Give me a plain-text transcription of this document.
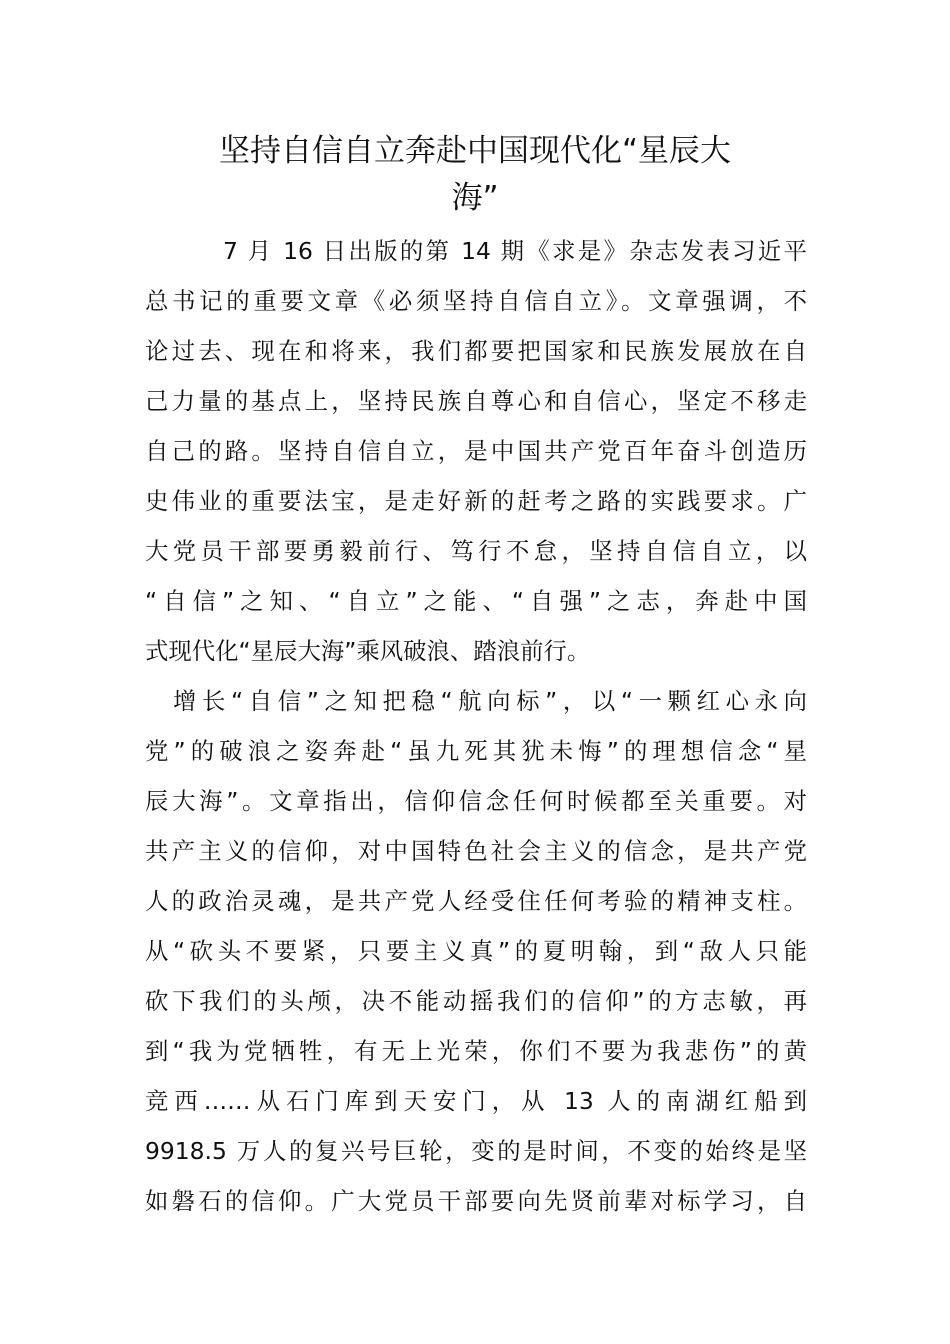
坚持自信自立奔赴中国现代化“星辰大
海”
7 月 16 日出版的第 14 期《求是》杂志发表习近平
总书记的重要文章《必须坚持自信自立》。文章强调，不
论过去、现在和将来，我们都要把国家和民族发展放在自
己力量的基点上，坚持民族自尊心和自信心，坚定不移走
自己的路。坚持自信自立，是中国共产党百年奋斗创造历
史伟业的重要法宝，是走好新的赶考之路的实践要求。广
大党员干部要勇毅前行、笃行不怠，坚持自信自立，以
“自信”之知、“自立”之能、“自强”之志，奔赴中国
式现代化“星辰大海”乘风破浪、踏浪前行。
增长“自信”之知把稳“航向标”，以“一颗红心永向
党”的破浪之姿奔赴“虽九死其犹未悔”的理想信念“星
辰大海”。文章指出，信仰信念任何时候都至关重要。对
共产主义的信仰，对中国特色社会主义的信念，是共产党
人的政治灵魂，是共产党人经受住任何考验的精神支柱。
从“砍头不要紧，只要主义真”的夏明翰，到“敌人只能
砍下我们的头颅，决不能动摇我们的信仰”的方志敏，再
到“我为党牺牲，有无上光荣，你们不要为我悲伤”的黄
竞西……从石门库到天安门，从 13 人的南湖红船到
9918.5 万人的复兴号巨轮，变的是时间，不变的始终是坚
如磐石的信仰。广大党员干部要向先贤前辈对标学习，自
